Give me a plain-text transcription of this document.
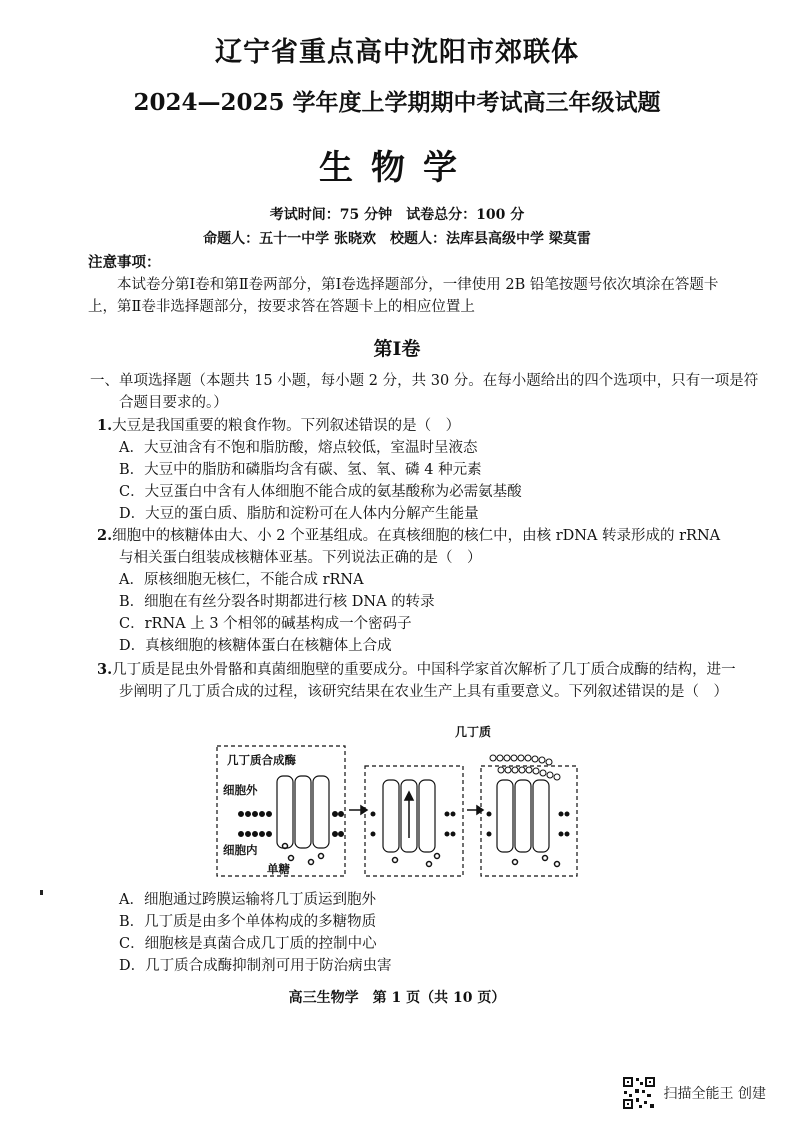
辽宁省重点高中沈阳市郊联体
2024—2025 学年度上学期期中考试高三年级试题
生物学
考试时间：75 分钟　试卷总分：100 分
命题人：五十一中学 张晓欢　校题人：法库县高级中学 梁莫雷
注意事项：
本试卷分第Ⅰ卷和第Ⅱ卷两部分，第Ⅰ卷选择题部分，一律使用 2B 铅笔按题号依次填涂在答题卡上，第Ⅱ卷非选择题部分，按要求答在答题卡上的相应位置上
第Ⅰ卷
一、单项选择题（本题共 15 小题，每小题 2 分，共 30 分。在每小题给出的四个选项中，只有一项是符合题目要求的。）
1.大豆是我国重要的粮食作物。下列叙述错误的是（　）
A．大豆油含有不饱和脂肪酸，熔点较低，室温时呈液态
B．大豆中的脂肪和磷脂均含有碳、氢、氧、磷 4 种元素
C．大豆蛋白中含有人体细胞不能合成的氨基酸称为必需氨基酸
D．大豆的蛋白质、脂肪和淀粉可在人体内分解产生能量
2.细胞中的核糖体由大、小 2 个亚基组成。在真核细胞的核仁中，由核 rDNA 转录形成的 rRNA 与相关蛋白组装成核糖体亚基。下列说法正确的是（　）
A．原核细胞无核仁，不能合成 rRNA
B．细胞在有丝分裂各时期都进行核 DNA 的转录
C．rRNA 上 3 个相邻的碱基构成一个密码子
D．真核细胞的核糖体蛋白在核糖体上合成
3.几丁质是昆虫外骨骼和真菌细胞壁的重要成分。中国科学家首次解析了几丁质合成酶的结构，进一步阐明了几丁质合成的过程，该研究结果在农业生产上具有重要意义。下列叙述错误的是（　）
几丁质
几丁质合成酶
细胞外
细胞内
单糖
A．细胞通过跨膜运输将几丁质运到胞外
B．几丁质是由多个单体构成的多糖物质
C．细胞核是真菌合成几丁质的控制中心
D．几丁质合成酶抑制剂可用于防治病虫害
高三生物学　第 1 页（共 10 页）
扫描全能王 创建
